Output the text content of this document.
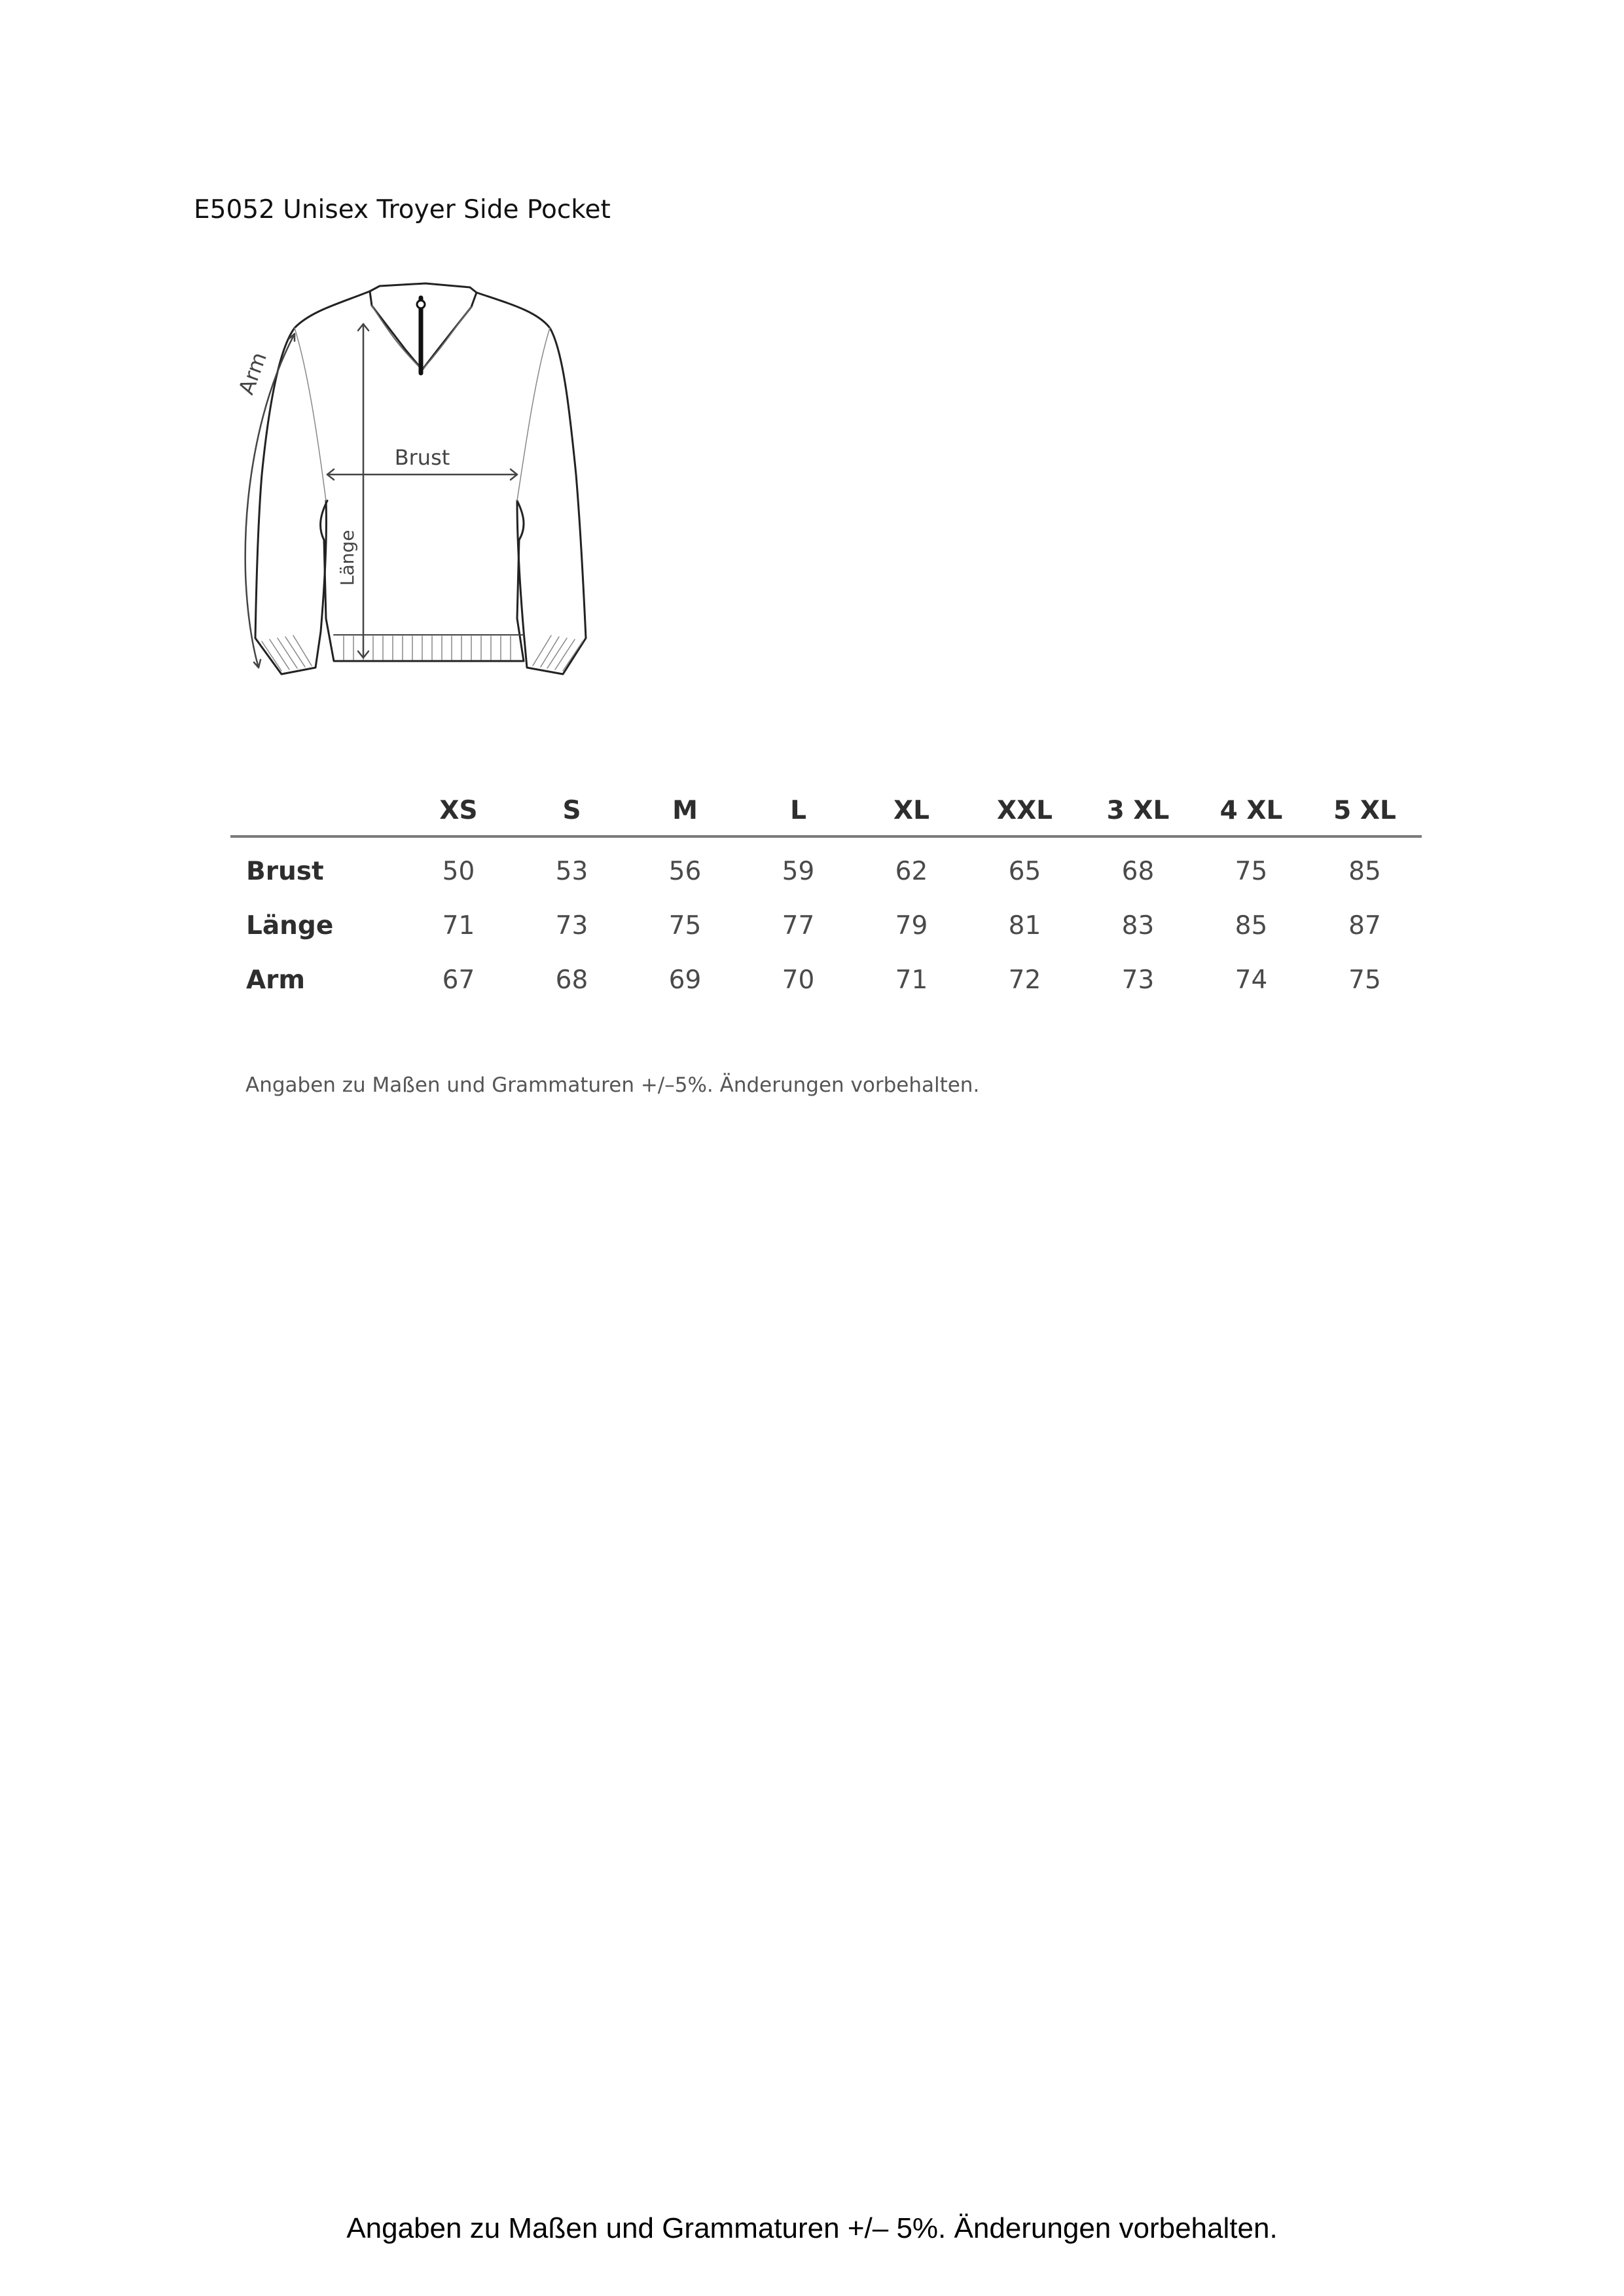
E5052 Unisex Troyer Side Pocket
Arm
Brust
Länge
	XS	S	M	L	XL	XXL	3 XL	4 XL	5 XL
Brust	50	53	56	59	62	65	68	75	85
Länge	71	73	75	77	79	81	83	85	87
Arm	67	68	69	70	71	72	73	74	75
Angaben zu Maßen und Grammaturen +/–5%. Änderungen vorbehalten.
Angaben zu Maßen und Grammaturen +/– 5%. Änderungen vorbehalten.
